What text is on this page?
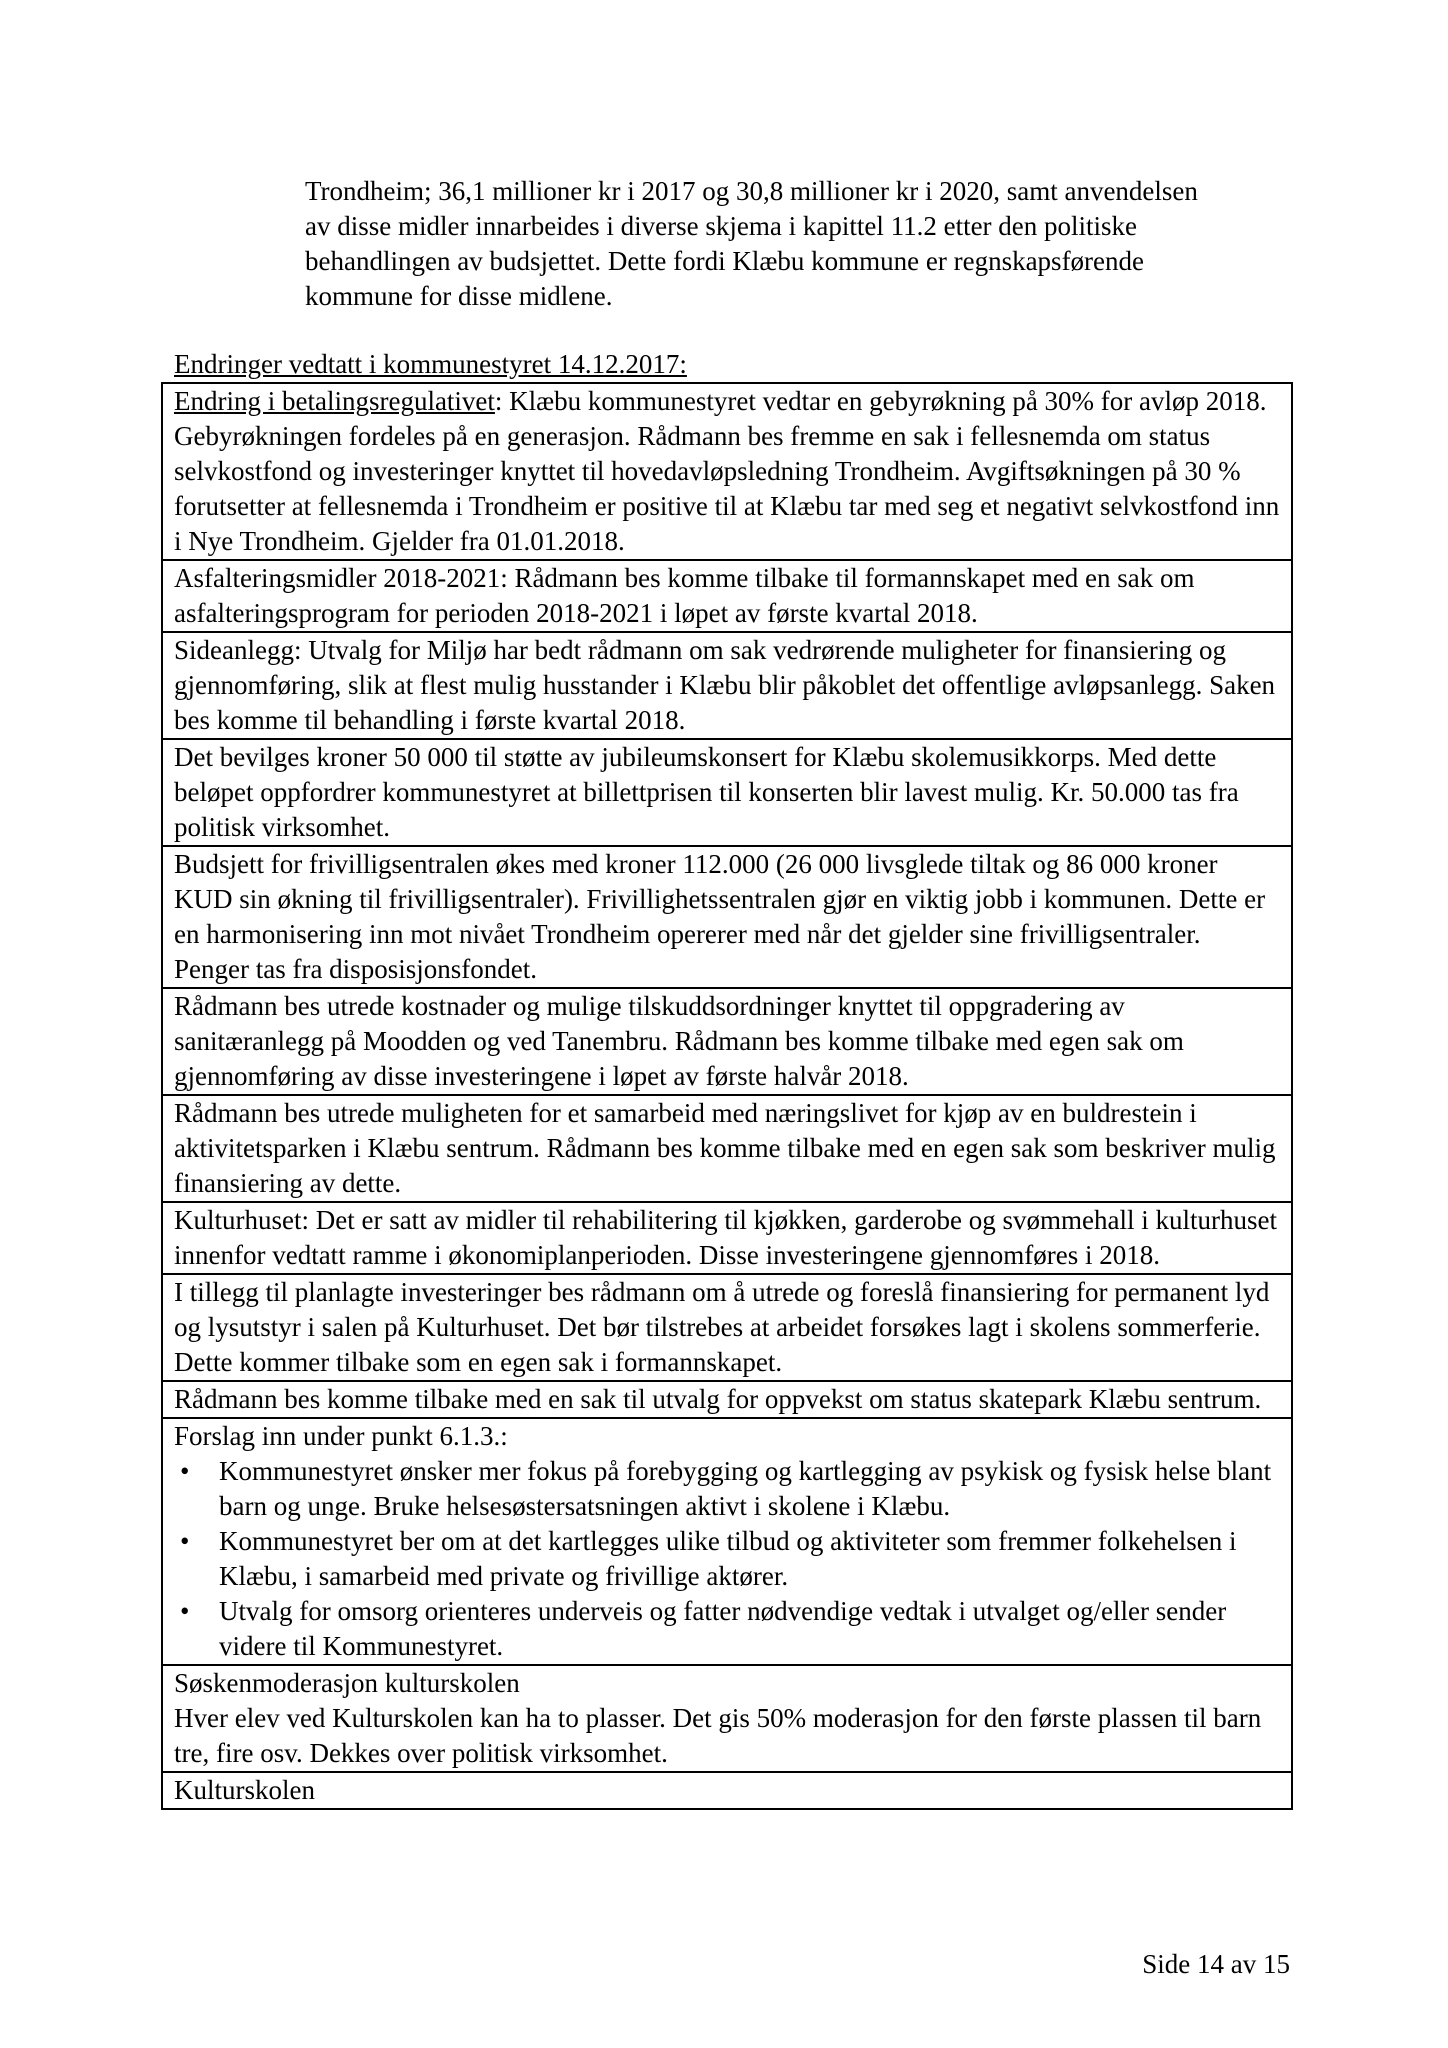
Trondheim; 36,1 millioner kr i 2017 og 30,8 millioner kr i 2020, samt anvendelsen

av disse midler innarbeides i diverse skjema i kapittel 11.2 etter den politiske

behandlingen av budsjettet. Dette fordi Klæbu kommune er regnskapsførende

kommune for disse midlene.

Endringer vedtatt i kommunestyret 14.12.2017:
Endring i betalingsregulativet: Klæbu kommunestyret vedtar en gebyrøkning på 30% for avløp 2018. Gebyrøkningen fordeles på en generasjon. Rådmann bes fremme en sak i fellesnemda om status selvkostfond og investeringer knyttet til hovedavløpsledning Trondheim. Avgiftsøkningen på 30 % forutsetter at fellesnemda i Trondheim er positive til at Klæbu tar med seg et negativt selvkostfond inn i Nye Trondheim. Gjelder fra 01.01.2018.
Asfalteringsmidler 2018-2021: Rådmann bes komme tilbake til formannskapet med en sak om asfalteringsprogram for perioden 2018-2021 i løpet av første kvartal 2018.
Sideanlegg: Utvalg for Miljø har bedt rådmann om sak vedrørende muligheter for finansiering og gjennomføring, slik at flest mulig husstander i Klæbu blir påkoblet det offentlige avløpsanlegg. Saken bes komme til behandling i første kvartal 2018.
Det bevilges kroner 50 000 til støtte av jubileumskonsert for Klæbu skolemusikkorps. Med dette beløpet oppfordrer kommunestyret at billettprisen til konserten blir lavest mulig. Kr. 50.000 tas fra politisk virksomhet.
Budsjett for frivilligsentralen økes med kroner 112.000 (26 000 livsglede tiltak og 86 000 kroner KUD sin økning til frivilligsentraler). Frivillighetssentralen gjør en viktig jobb i kommunen. Dette er en harmonisering inn mot nivået Trondheim opererer med når det gjelder sine frivilligsentraler. Penger tas fra disposisjonsfondet.
Rådmann bes utrede kostnader og mulige tilskuddsordninger knyttet til oppgradering av sanitæranlegg på Moodden og ved Tanembru. Rådmann bes komme tilbake med egen sak om gjennomføring av disse investeringene i løpet av første halvår 2018.
Rådmann bes utrede muligheten for et samarbeid med næringslivet for kjøp av en buldrestein i aktivitetsparken i Klæbu sentrum. Rådmann bes komme tilbake med en egen sak som beskriver mulig finansiering av dette.
Kulturhuset: Det er satt av midler til rehabilitering til kjøkken, garderobe og svømmehall i kulturhuset innenfor vedtatt ramme i økonomiplanperioden. Disse investeringene gjennomføres i 2018.
I tillegg til planlagte investeringer bes rådmann om å utrede og foreslå finansiering for permanent lyd og lysutstyr i salen på Kulturhuset. Det bør tilstrebes at arbeidet forsøkes lagt i skolens sommerferie. Dette kommer tilbake som en egen sak i formannskapet.
Rådmann bes komme tilbake med en sak til utvalg for oppvekst om status skatepark Klæbu sentrum.

Forslag inn under punkt 6.1.3.:
• Kommunestyret ønsker mer fokus på forebygging og kartlegging av psykisk og fysisk helse blant barn og unge. Bruke helsesøstersatsningen aktivt i skolene i Klæbu.
• Kommunestyret ber om at det kartlegges ulike tilbud og aktiviteter som fremmer folkehelsen i Klæbu, i samarbeid med private og frivillige aktører.
• Utvalg for omsorg orienteres underveis og fatter nødvendige vedtak i utvalget og/eller sender videre til Kommunestyret.

Søskenmoderasjon kulturskolen
Hver elev ved Kulturskolen kan ha to plasser. Det gis 50% moderasjon for den første plassen til barn tre, fire osv. Dekkes over politisk virksomhet.

Kulturskolen
Side 14 av 15
